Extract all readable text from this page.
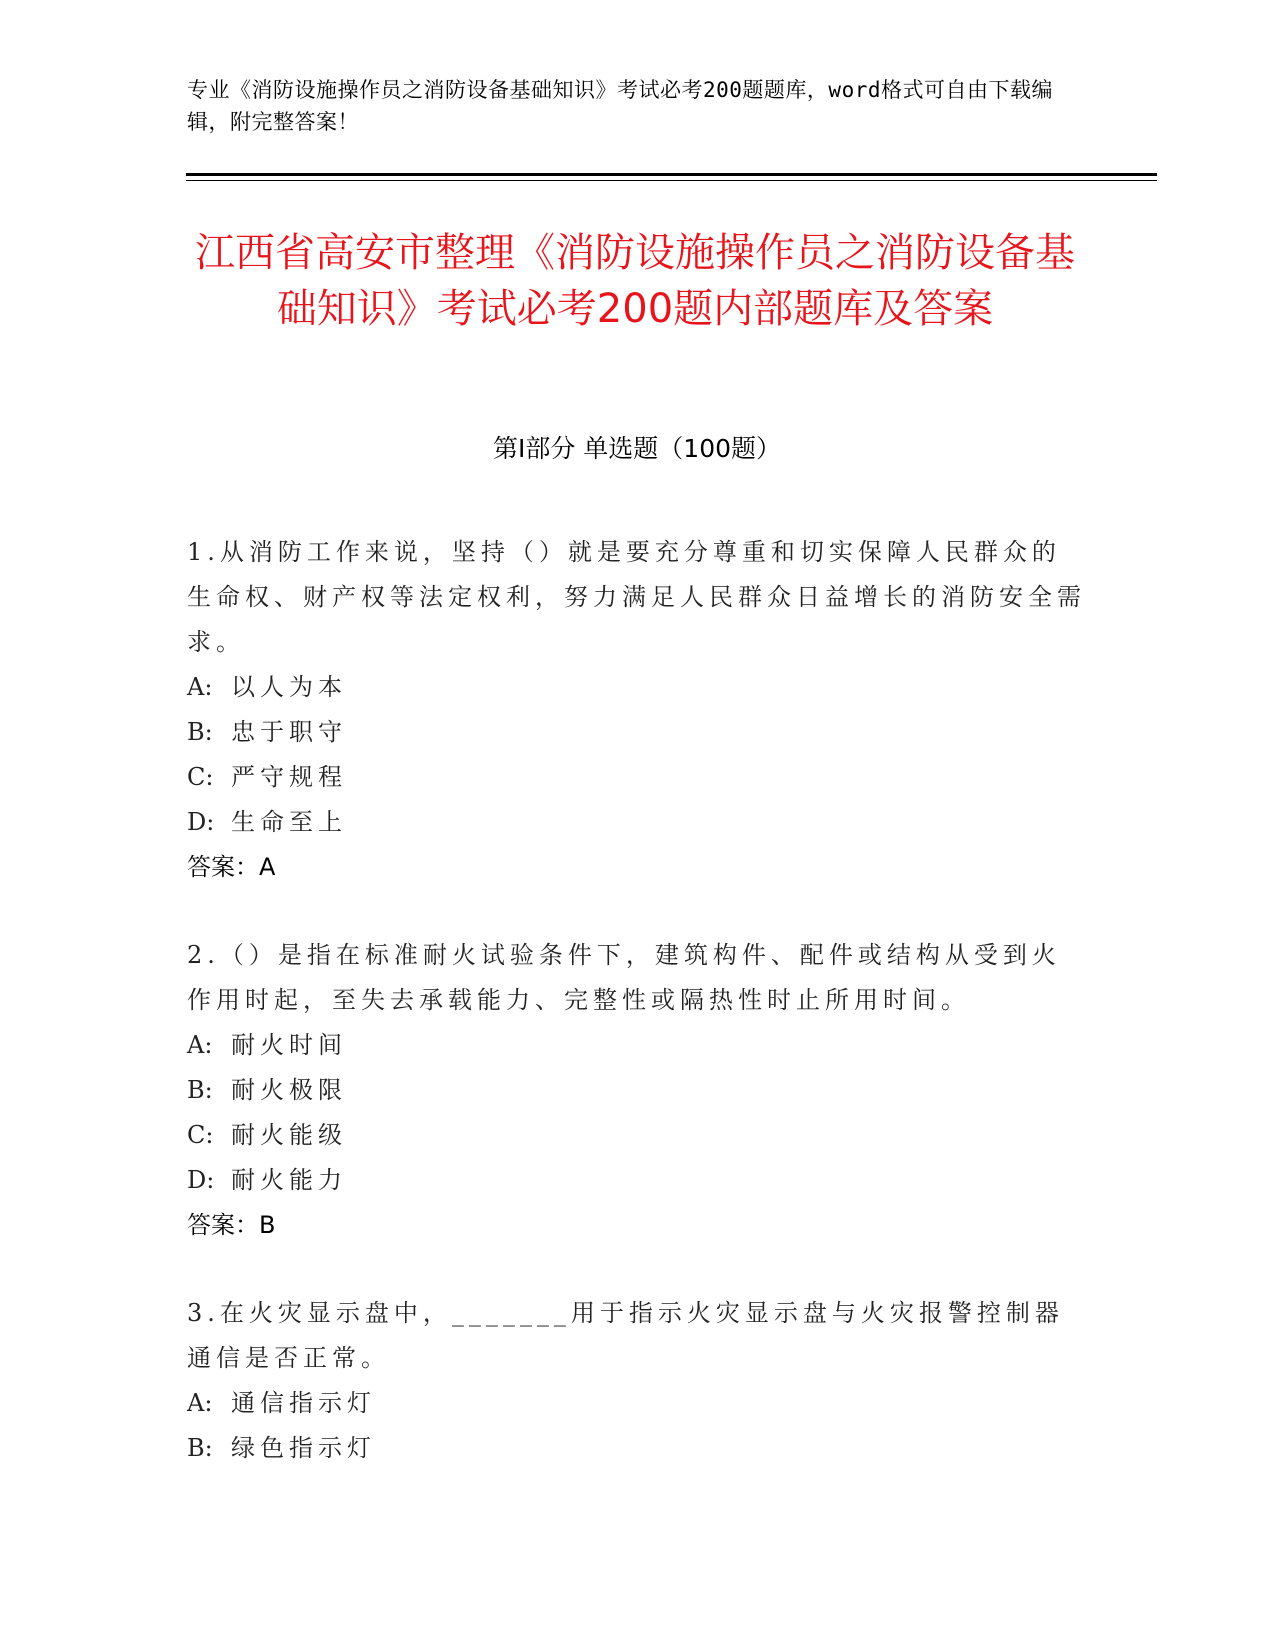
专业《消防设施操作员之消防设备基础知识》考试必考200题题库，word格式可自由下载编辑，附完整答案！
江西省高安市整理《消防设施操作员之消防设备基础知识》考试必考200题内部题库及答案
第Ⅰ部分 单选题（100题）
1.从消防工作来说，坚持（）就是要充分尊重和切实保障人民群众的生命权、财产权等法定权利，努力满足人民群众日益增长的消防安全需求。
A: 以人为本
B: 忠于职守
C: 严守规程
D: 生命至上
答案：A
2.（）是指在标准耐火试验条件下，建筑构件、配件或结构从受到火作用时起，至失去承载能力、完整性或隔热性时止所用时间。
A: 耐火时间
B: 耐火极限
C: 耐火能级
D: 耐火能力
答案：B
3.在火灾显示盘中，_______用于指示火灾显示盘与火灾报警控制器通信是否正常。
A: 通信指示灯
B: 绿色指示灯
